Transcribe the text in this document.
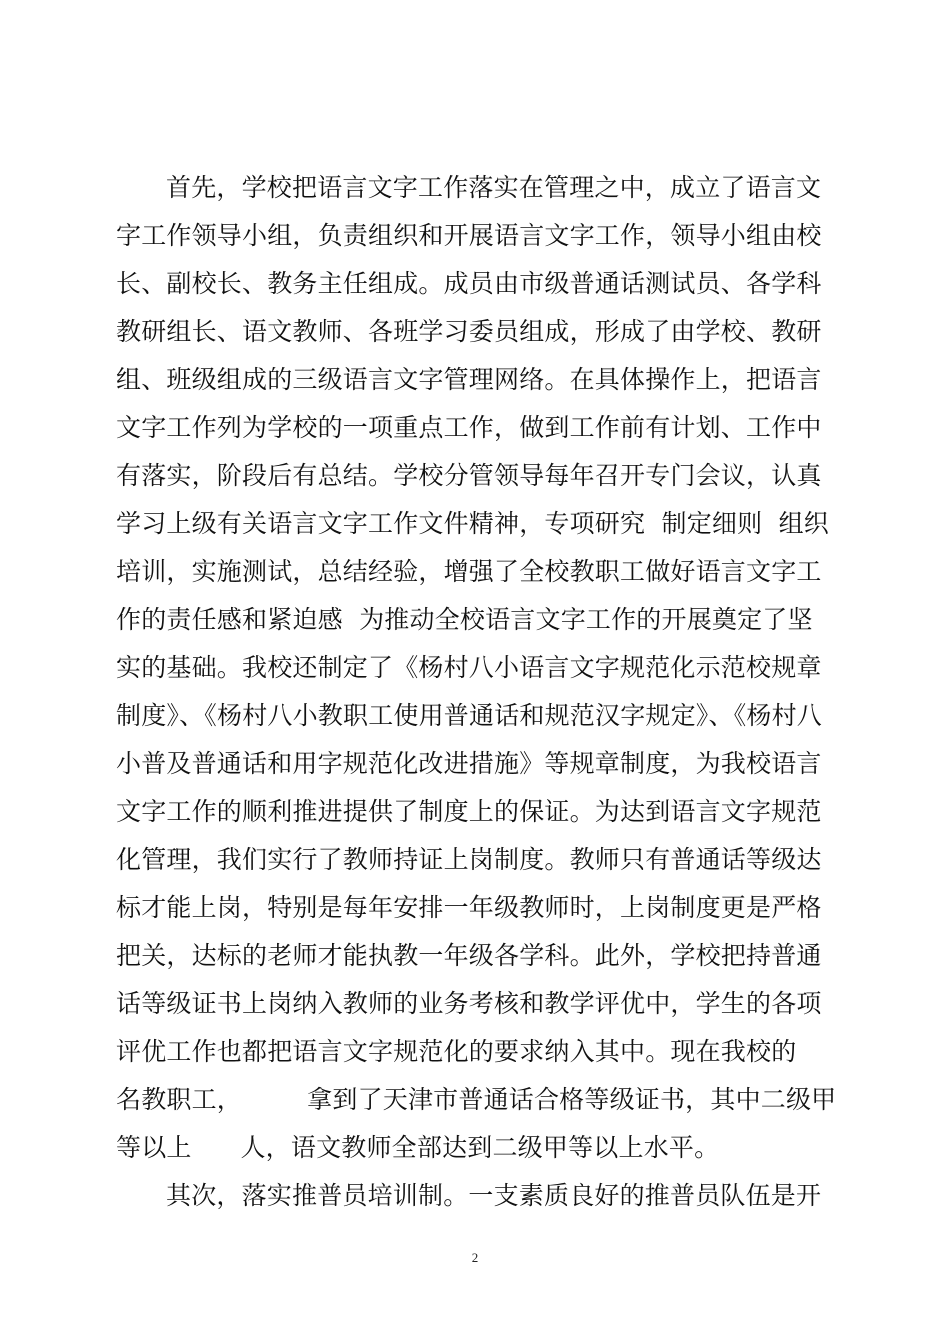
首先，学校把语言文字工作落实在管理之中，成立了语言文
字工作领导小组，负责组织和开展语言文字工作，领导小组由校
长、副校长、教务主任组成。成员由市级普通话测试员、各学科
教研组长、语文教师、各班学习委员组成，形成了由学校、教研
组、班级组成的三级语言文字管理网络。在具体操作上，把语言
文字工作列为学校的一项重点工作，做到工作前有计划、工作中
有落实，阶段后有总结。学校分管领导每年召开专门会议，认真
学习上级有关语言文字工作文件精神，专项研究  制定细则  组织
培训，实施测试，总结经验，增强了全校教职工做好语言文字工
作的责任感和紧迫感  为推动全校语言文字工作的开展奠定了坚
实的基础。我校还制定了《杨村八小语言文字规范化示范校规章
制度》、《杨村八小教职工使用普通话和规范汉字规定》、《杨村八
小普及普通话和用字规范化改进措施》等规章制度，为我校语言
文字工作的顺利推进提供了制度上的保证。为达到语言文字规范
化管理，我们实行了教师持证上岗制度。教师只有普通话等级达
标才能上岗，特别是每年安排一年级教师时，上岗制度更是严格
把关，达标的老师才能执教一年级各学科。此外，学校把持普通
话等级证书上岗纳入教师的业务考核和教学评优中，学生的各项
评优工作也都把语言文字规范化的要求纳入其中。现在我校的
名教职工，        拿到了天津市普通话合格等级证书，其中二级甲
等以上      人，语文教师全部达到二级甲等以上水平。
其次，落实推普员培训制。一支素质良好的推普员队伍是开
2
